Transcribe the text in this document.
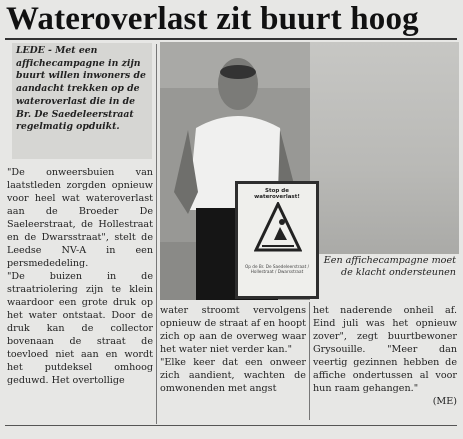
Wateroverlast zit buurt hoog
LEDE - Met een affichecampagne in zijn buurt willen inwoners de aandacht trekken op de wateroverlast die in de Br. De Saedeleerstraat regelmatig opduikt.

"De onweersbuien van laatstleden zorgden opnieuw voor heel wat wateroverlast aan de Broeder De Saeleerstraat, de Hollestraat en de Dwarsstraat", stelt de Leedse NV-A in een persmededeling.

"De buizen in de straatriolering zijn te klein waardoor een grote druk op het water ontstaat. Door de druk kan de collector bovenaan de straat de toevloed niet aan en wordt het putdeksel omhoog geduwd. Het overtollige

Stop de wateroverlast!
Op de Br. De Saedeleerstraat / Hollestraat / Dwarsstraat
Een affichecampagne moet de klacht ondersteunen

water stroomt vervolgens opnieuw de straat af en hoopt zich op aan de overweg waar het water niet verder kan."

"Elke keer dat een onweer zich aandient, wachten de omwonenden met angst

het naderende onheil af. Eind juli was het opnieuw zover", zegt buurtbewoner Grysouille. "Meer dan veertig gezinnen hebben de affiche ondertussen al voor hun raam gehangen."

(ME)
